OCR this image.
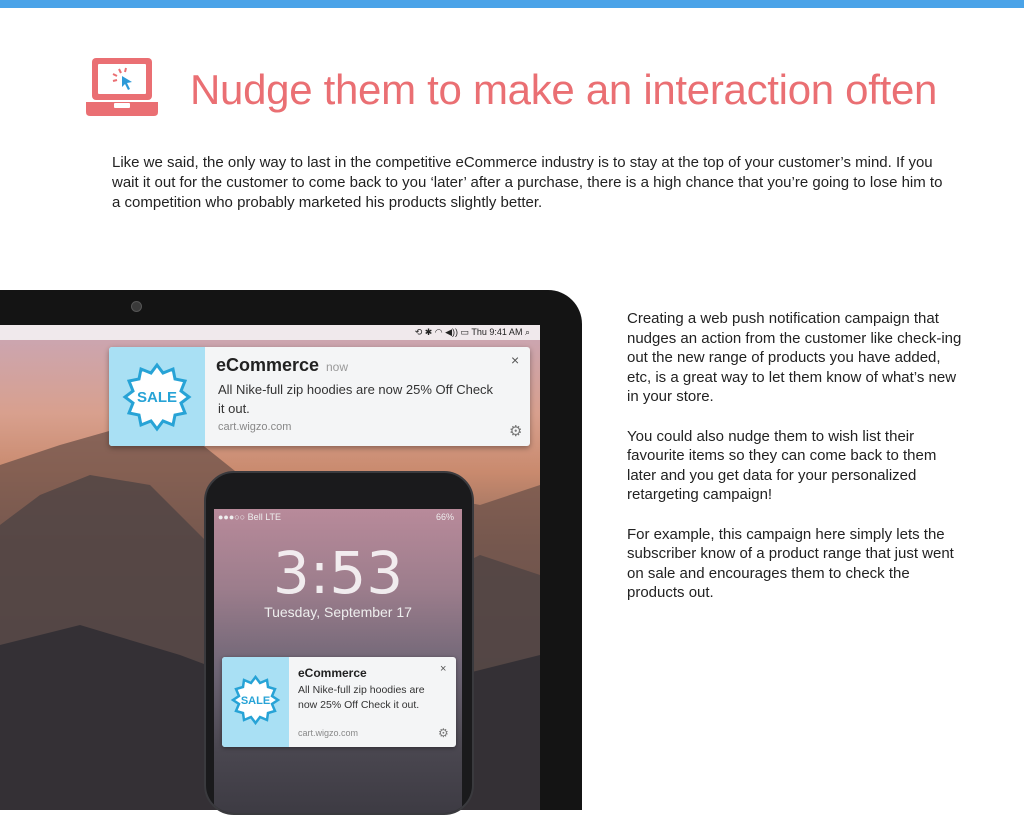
Nudge them to make an interaction often
Like we said, the only way to last in the competitive eCommerce industry is to stay at the top of your customer’s mind. If you wait it out for the customer to come back to you ‘later’ after a purchase, there is a high chance that you’re going to lose him to a competition who probably marketed his products slightly better.

Creating a web push notification campaign that nudges an action from the customer like check-ing out the new range of products you have added, etc, is a great way to let them know of what’s new in your store.

You could also nudge them to wish list their favourite items so they can come back to them later and you get data for your personalized retargeting campaign!

For example, this campaign here simply lets the subscriber know of a product range that just went on sale and encourages them to check the products out.

⟲ ✱ ◠ ◀)) ▭ Thu 9:41 AM ⌕
SALE
eCommerce now
All Nike-full zip hoodies are now 25% Off Check it out.
cart.wigzo.com
×
⚙
●●●○○ Bell LTE	66%
3:53
Tuesday, September 17
SALE
eCommerce
All Nike-full zip hoodies are now 25% Off Check it out.
cart.wigzo.com
×
⚙
